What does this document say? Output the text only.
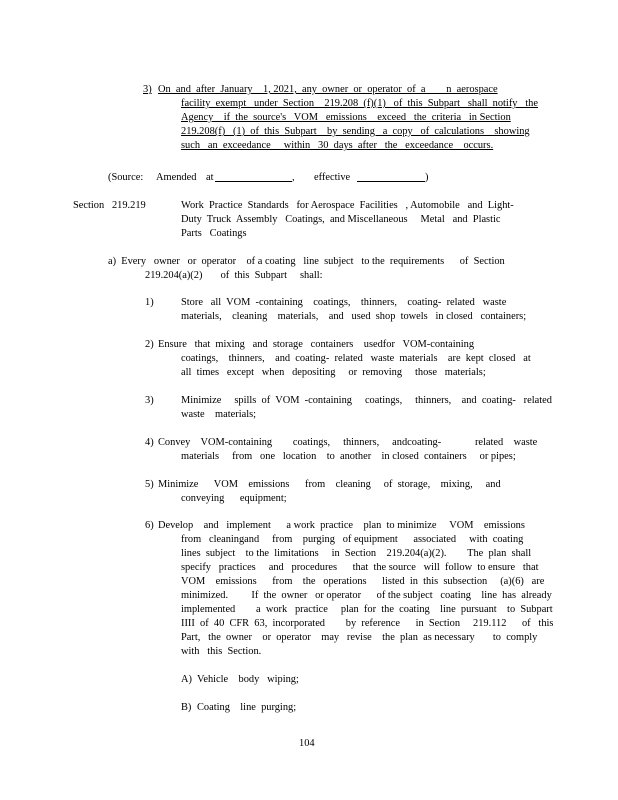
3) On  and  after  January    1, 2021,  any  owner  or  operator  of  a        n  aerospace
facility  exempt   under  Section    219.208  (f)(1)   of  this  Subpart   shall  notify   the
Agency    if  the  source's   VOM   emissions    exceed   the  criteria   in Section
219.208(f)   (1)  of  this  Subpart    by  sending   a  copy   of  calculations    showing
such   an  exceedance     within   30  days  after   the   exceedance    occurs.
(Source: Amended at	, effective	)
Section   219.219	Work  Practice  Standards   for Aerospace  Facilities   , Automobile   and  Light-
Duty  Truck  Assembly   Coatings,  and Miscellaneous     Metal   and  Plastic
Parts   Coatings
a)  Every   owner   or  operator    of a coating   line  subject   to the  requirements      of  Section
219.204(a)(2)       of  this  Subpart     shall:
1)	Store   all  VOM  -containing    coatings,    thinners,    coating-  related   waste
materials,    cleaning    materials,    and   used  shop  towels   in closed   containers;
2) Ensure   that  mixing   and  storage   containers    usedfor   VOM-containing
coatings,    thinners,    and  coating-  related   waste  materials    are  kept  closed   at
all  times   except   when   depositing     or  removing     those   materials;
3)	Minimize     spills  of  VOM  -containing     coatings,     thinners,    and  coating-   related
waste    materials;
4) Convey    VOM-containing        coatings,     thinners,     andcoating-             related    waste
materials     from   one   location    to  another    in closed  containers     or pipes;
5) Minimize      VOM    emissions      from    cleaning     of  storage,    mixing,     and
conveying      equipment;
6) Develop    and   implement      a work  practice    plan  to minimize     VOM    emissions
from   cleaningand     from    purging   of equipment      associated     with  coating
lines  subject    to the  limitations     in  Section    219.204(a)(2).        The  plan  shall
specify   practices     and   procedures      that  the source   will  follow  to ensure   that
VOM    emissions      from    the   operations      listed  in  this  subsection     (a)(6)   are
minimized.         If  the  owner   or operator      of the subject   coating    line  has  already
implemented        a  work   practice     plan  for  the  coating    line  pursuant    to  Subpart
IIII  of  40  CFR  63,  incorporated        by  reference      in  Section     219.112      of   this
Part,   the  owner    or  operator    may   revise    the  plan  as necessary       to  comply
with   this  Section.
A) Vehicle    body   wiping;
B) Coating    line  purging;
104
